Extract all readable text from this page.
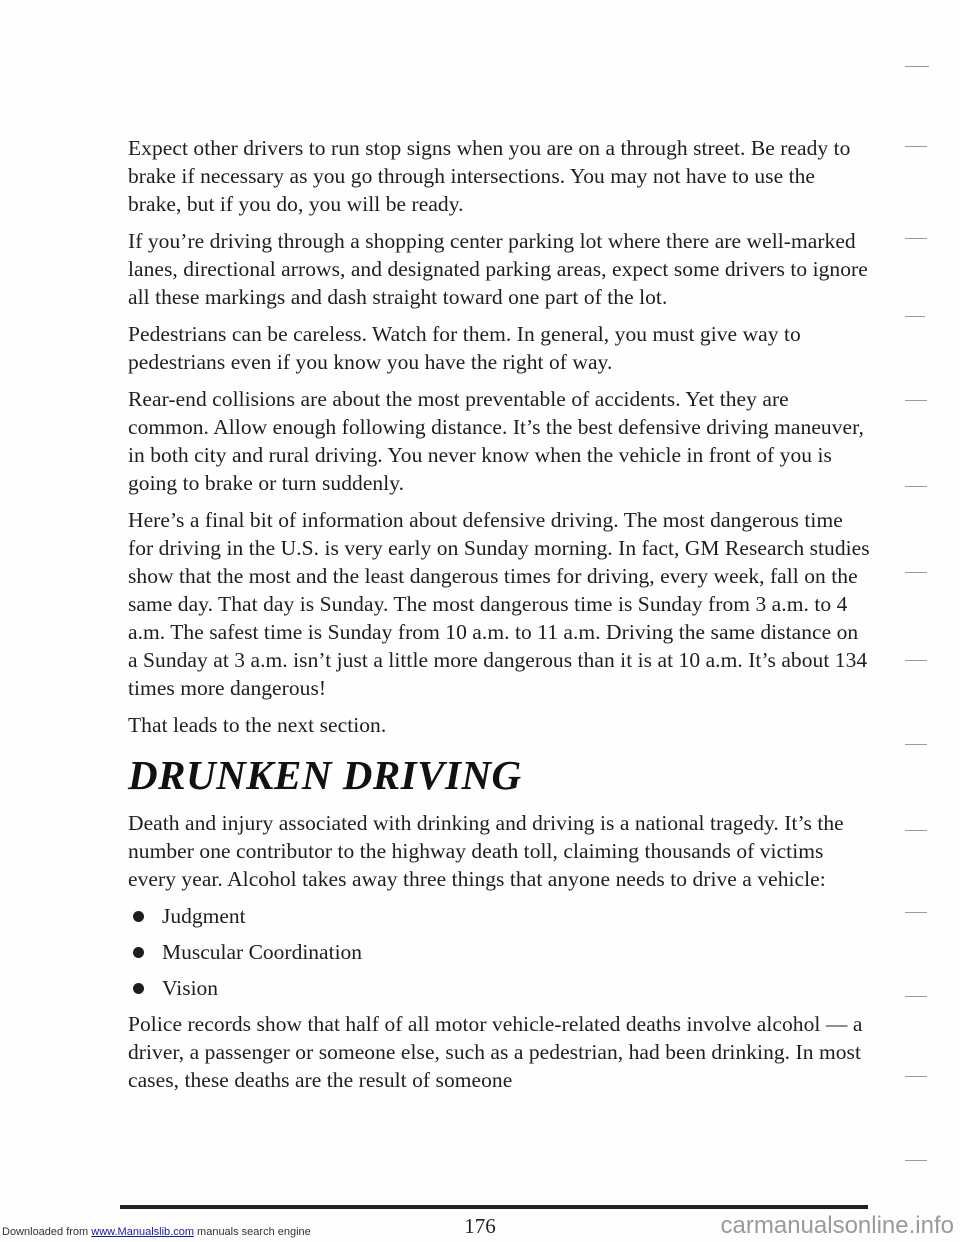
Expect other drivers to run stop signs when you are on a through street. Be ready to brake if necessary as you go through intersections. You may not have to use the brake, but if you do, you will be ready.

If you’re driving through a shopping center parking lot where there are well-marked lanes, directional arrows, and designated parking areas, expect some drivers to ignore all these markings and dash straight toward one part of the lot.

Pedestrians can be careless. Watch for them. In general, you must give way to pedestrians even if you know you have the right of way.

Rear-end collisions are about the most preventable of accidents. Yet they are common. Allow enough following distance. It’s the best defensive driving maneuver, in both city and rural driving. You never know when the vehicle in front of you is going to brake or turn suddenly.

Here’s a final bit of information about defensive driving. The most dangerous time for driving in the U.S. is very early on Sunday morning. In fact, GM Research studies show that the most and the least dangerous times for driving, every week, fall on the same day. That day is Sunday. The most dangerous time is Sunday from 3 a.m. to 4 a.m. The safest time is Sunday from 10 a.m. to 11 a.m. Driving the same distance on a Sunday at 3 a.m. isn’t just a little more dangerous than it is at 10 a.m. It’s about 134 times more dangerous!

That leads to the next section.

DRUNKEN DRIVING

Death and injury associated with drinking and driving is a national tragedy. It’s the number one contributor to the highway death toll, claiming thousands of victims every year. Alcohol takes away three things that anyone needs to drive a vehicle:

Judgment
Muscular Coordination
Vision

Police records show that half of all motor vehicle-related deaths involve alcohol — a driver, a passenger or someone else, such as a pedestrian, had been drinking. In most cases, these deaths are the result of someone

176
Downloaded from www.Manualslib.com manuals search engine	carmanualsonline.info
